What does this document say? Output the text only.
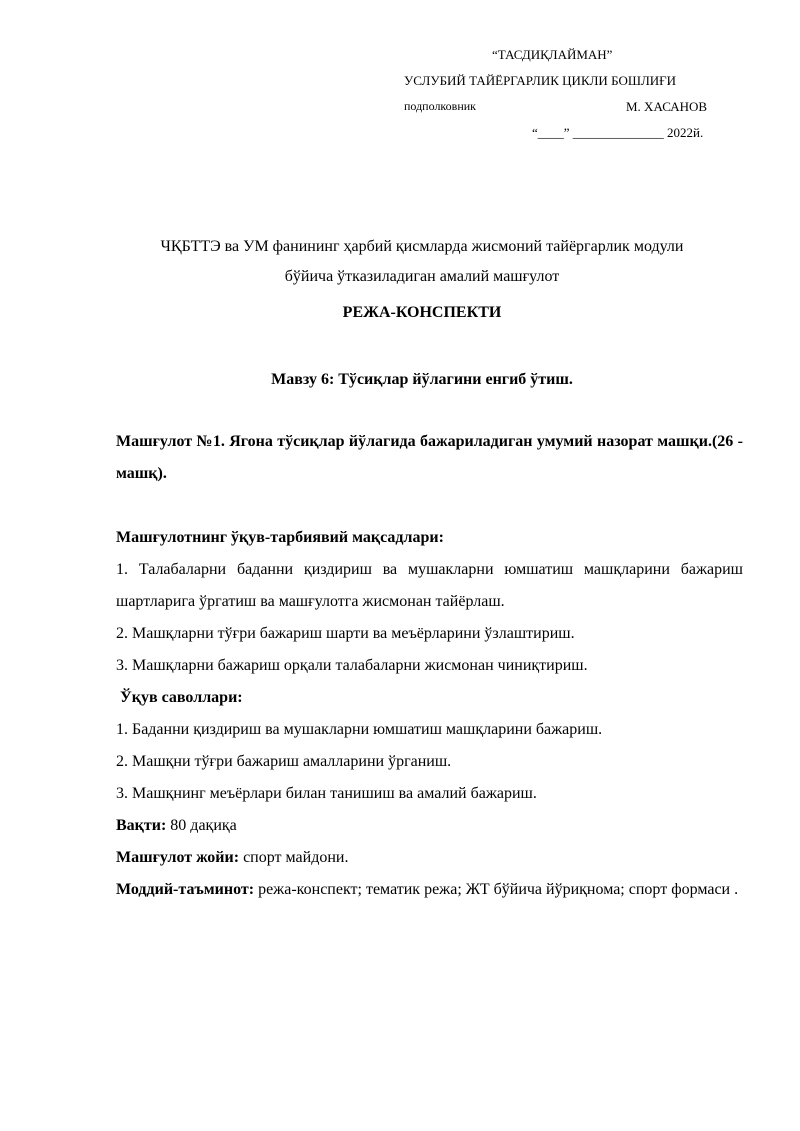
“ТАСДИҚЛАЙМАН”
УСЛУБИЙ ТАЙЁРГАРЛИК ЦИКЛИ БОШЛИҒИ
подполковник	М. ХАСАНОВ
“____” ______________ 2022й.
ЧҚБТТЭ ва УМ фанининг ҳарбий қисмларда жисмоний тайёргарлик модули
бўйича ўтказиладиган амалий машғулот
РЕЖА-КОНСПЕКТИ
Мавзу 6: Тўсиқлар йўлагини енгиб ўтиш.

Машғулот №1. Ягона тўсиқлар йўлагида бажариладиган умумий назорат машқи.(26 - машқ).

Машғулотнинг ўқув-тарбиявий мақсадлари:

1. Талабаларни баданни қиздириш ва мушакларни юмшатиш машқларини бажариш шартларига ўргатиш ва машғулотга жисмонан тайёрлаш.

2. Машқларни тўғри бажариш шарти ва меъёрларини ўзлаштириш.

3. Машқларни бажариш орқали талабаларни жисмонан чиниқтириш.

Ўқув саволлари:

1. Баданни қиздириш ва мушакларни юмшатиш машқларини бажариш.

2. Машқни тўғри бажариш амалларини ўрганиш.

3. Машқнинг меъёрлари билан танишиш ва амалий бажариш.

Вақти: 80 дақиқа

Машғулот жойи: спорт майдони.

Моддий-таъминот: режа-конспект; тематик режа; ЖТ бўйича йўриқнома; спорт формаси .
